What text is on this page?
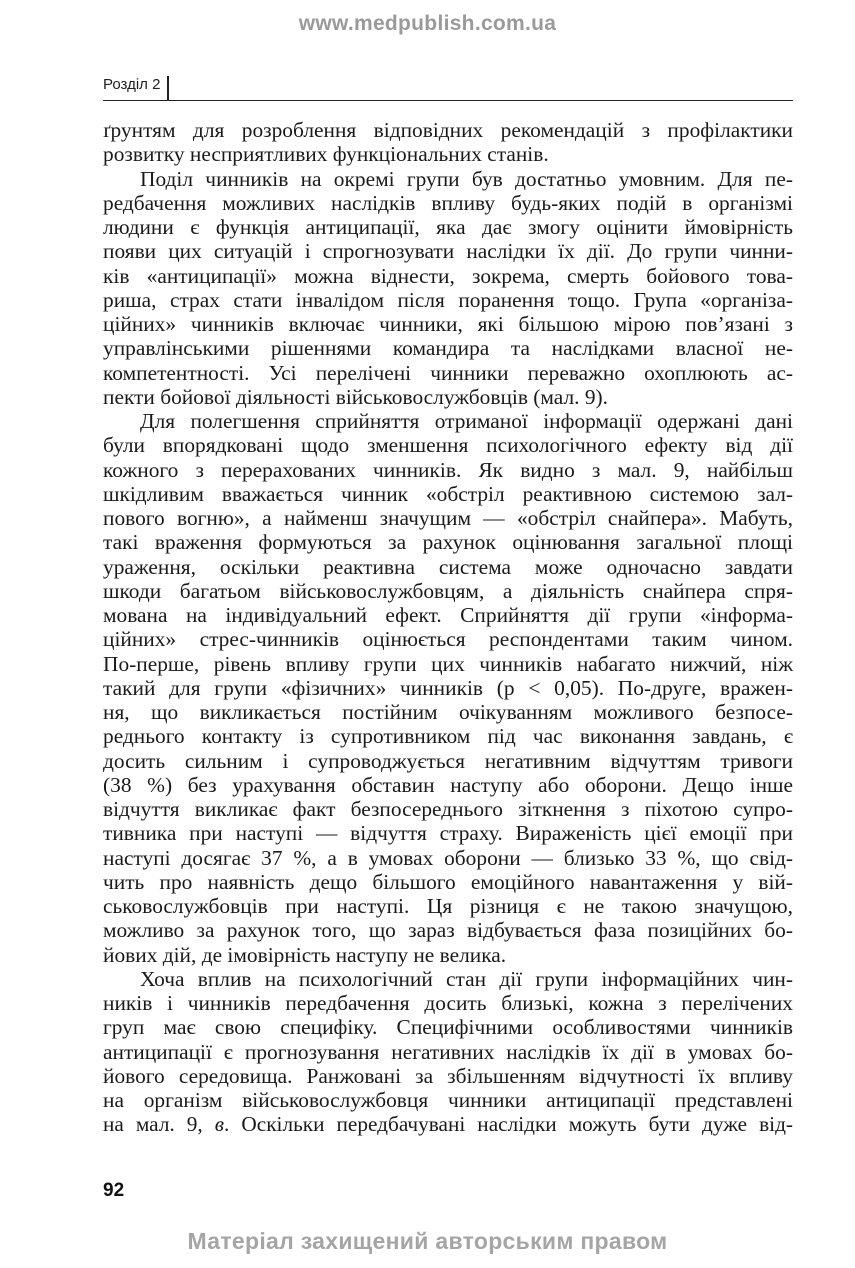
www.medpublish.com.ua
Розділ 2
ґрунтям для розроблення відповідних рекомендацій з профілактики
розвитку несприятливих функціональних станів.
Поділ чинників на окремі групи був достатньо умовним. Для пе-
редбачення можливих наслідків впливу будь-яких подій в організмі
людини є функція антиципації, яка дає змогу оцінити ймовірність
появи цих ситуацій і спрогнозувати наслідки їх дії. До групи чинни-
ків «антиципації» можна віднести, зокрема, смерть бойового това-
риша, страх стати інвалідом після поранення тощо. Група «організа-
ційних» чинників включає чинники, які більшою мірою пов’язані з
управлінськими рішеннями командира та наслідками власної не-
компетентності. Усі перелічені чинники переважно охоплюють ас-
пекти бойової діяльності військовослужбовців (мал. 9).
Для полегшення сприйняття отриманої інформації одержані дані
були впорядковані щодо зменшення психологічного ефекту від дії
кожного з перерахованих чинників. Як видно з мал. 9, найбільш
шкідливим вважається чинник «обстріл реактивною системою зал-
пового вогню», а найменш значущим — «обстріл снайпера». Мабуть,
такі враження формуються за рахунок оцінювання загальної площі
ураження, оскільки реактивна система може одночасно завдати
шкоди багатьом військовослужбовцям, а діяльність снайпера спря-
мована на індивідуальний ефект. Сприйняття дії групи «інформа-
ційних» стрес-чинників оцінюється респондентами таким чином.
По-перше, рівень впливу групи цих чинників набагато нижчий, ніж
такий для групи «фізичних» чинників (р < 0,05). По-друге, вражен-
ня, що викликається постійним очікуванням можливого безпосе-
реднього контакту із супротивником під час виконання завдань, є
досить сильним і супроводжується негативним відчуттям тривоги
(38 %) без урахування обставин наступу або оборони. Дещо інше
відчуття викликає факт безпосереднього зіткнення з піхотою супро-
тивника при наступі — відчуття страху. Вираженість цієї емоції при
наступі досягає 37 %, а в умовах оборони — близько 33 %, що свід-
чить про наявність дещо більшого емоційного навантаження у вій-
ськовослужбовців при наступі. Ця різниця є не такою значущою,
можливо за рахунок того, що зараз відбувається фаза позиційних бо-
йових дій, де імовірність наступу не велика.
Хоча вплив на психологічний стан дії групи інформаційних чин-
ників і чинників передбачення досить близькі, кожна з перелічених
груп має свою специфіку. Специфічними особливостями чинників
антиципації є прогнозування негативних наслідків їх дії в умовах бо-
йового середовища. Ранжовані за збільшенням відчутності їх впливу
на організм військовослужбовця чинники антиципації представлені
на мал. 9, в. Оскільки передбачувані наслідки можуть бути дуже від-
92
Матеріал захищений авторським правом
